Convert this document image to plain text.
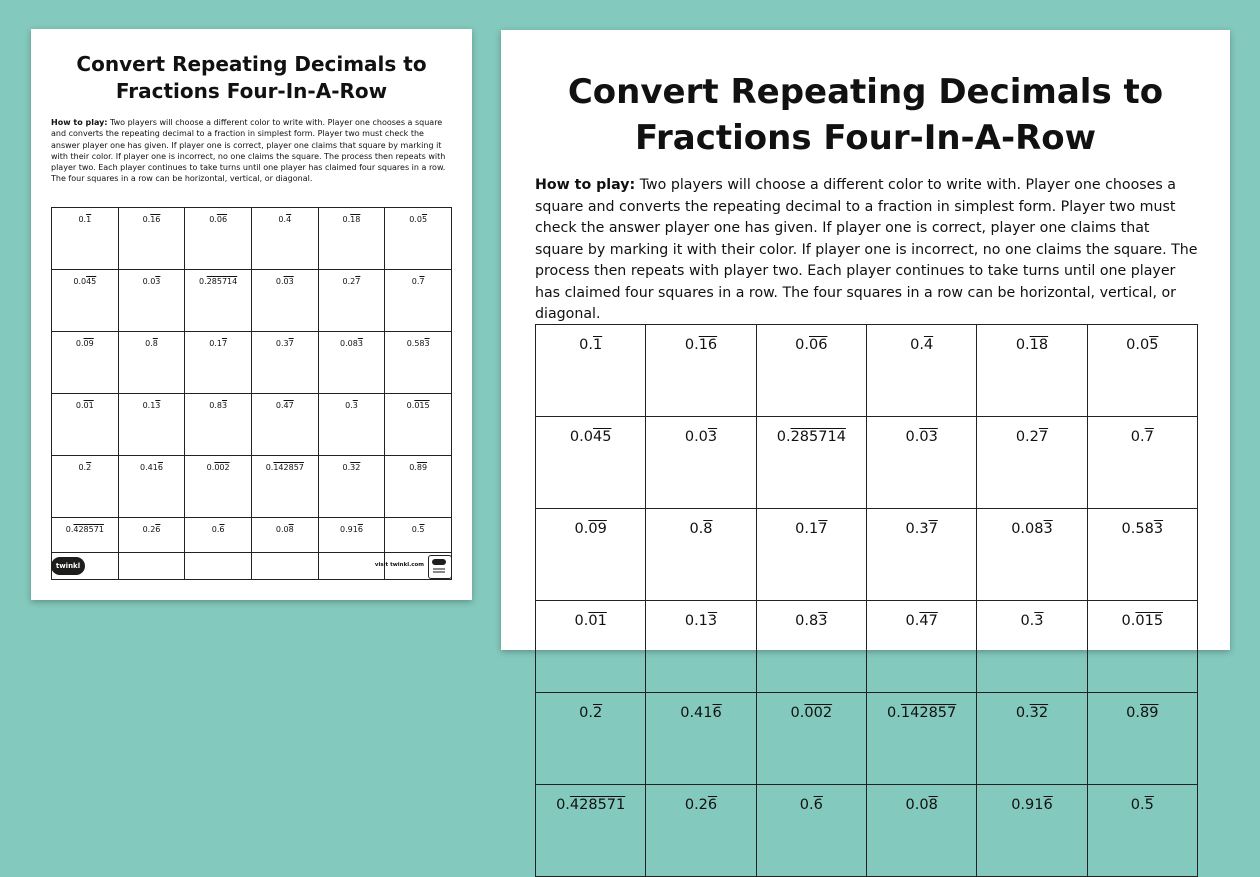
Convert Repeating Decimals to
Fractions Four-In-A-Row
How to play: Two players will choose a different color to write with. Player one chooses a square and converts the repeating decimal to a fraction in simplest form. Player two must check the answer player one has given. If player one is correct, player one claims that square by marking it with their color. If player one is incorrect, no one claims the square. The process then repeats with player two. Each player continues to take turns until one player has claimed four squares in a row. The four squares in a row can be horizontal, vertical, or diagonal.
0.1	0.16	0.06	0.4	0.18	0.05
0.045	0.03	0.285714	0.03	0.27	0.7
0.09	0.8	0.17	0.37	0.083	0.583
0.01	0.13	0.83	0.47	0.3	0.015
0.2	0.416	0.002	0.142857	0.32	0.89
0.428571	0.26	0.6	0.08	0.916	0.5
twinkl	visit twinkl.com
Convert Repeating Decimals to
Fractions Four-In-A-Row
How to play: Two players will choose a different color to write with. Player one chooses a square and converts the repeating decimal to a fraction in simplest form. Player two must check the answer player one has given. If player one is correct, player one claims that square by marking it with their color. If player one is incorrect, no one claims the square. The process then repeats with player two. Each player continues to take turns until one player has claimed four squares in a row. The four squares in a row can be horizontal, vertical, or diagonal.
0.1	0.16	0.06	0.4	0.18	0.05
0.045	0.03	0.285714	0.03	0.27	0.7
0.09	0.8	0.17	0.37	0.083	0.583
0.01	0.13	0.83	0.47	0.3	0.015
0.2	0.416	0.002	0.142857	0.32	0.89
0.428571	0.26	0.6	0.08	0.916	0.5
